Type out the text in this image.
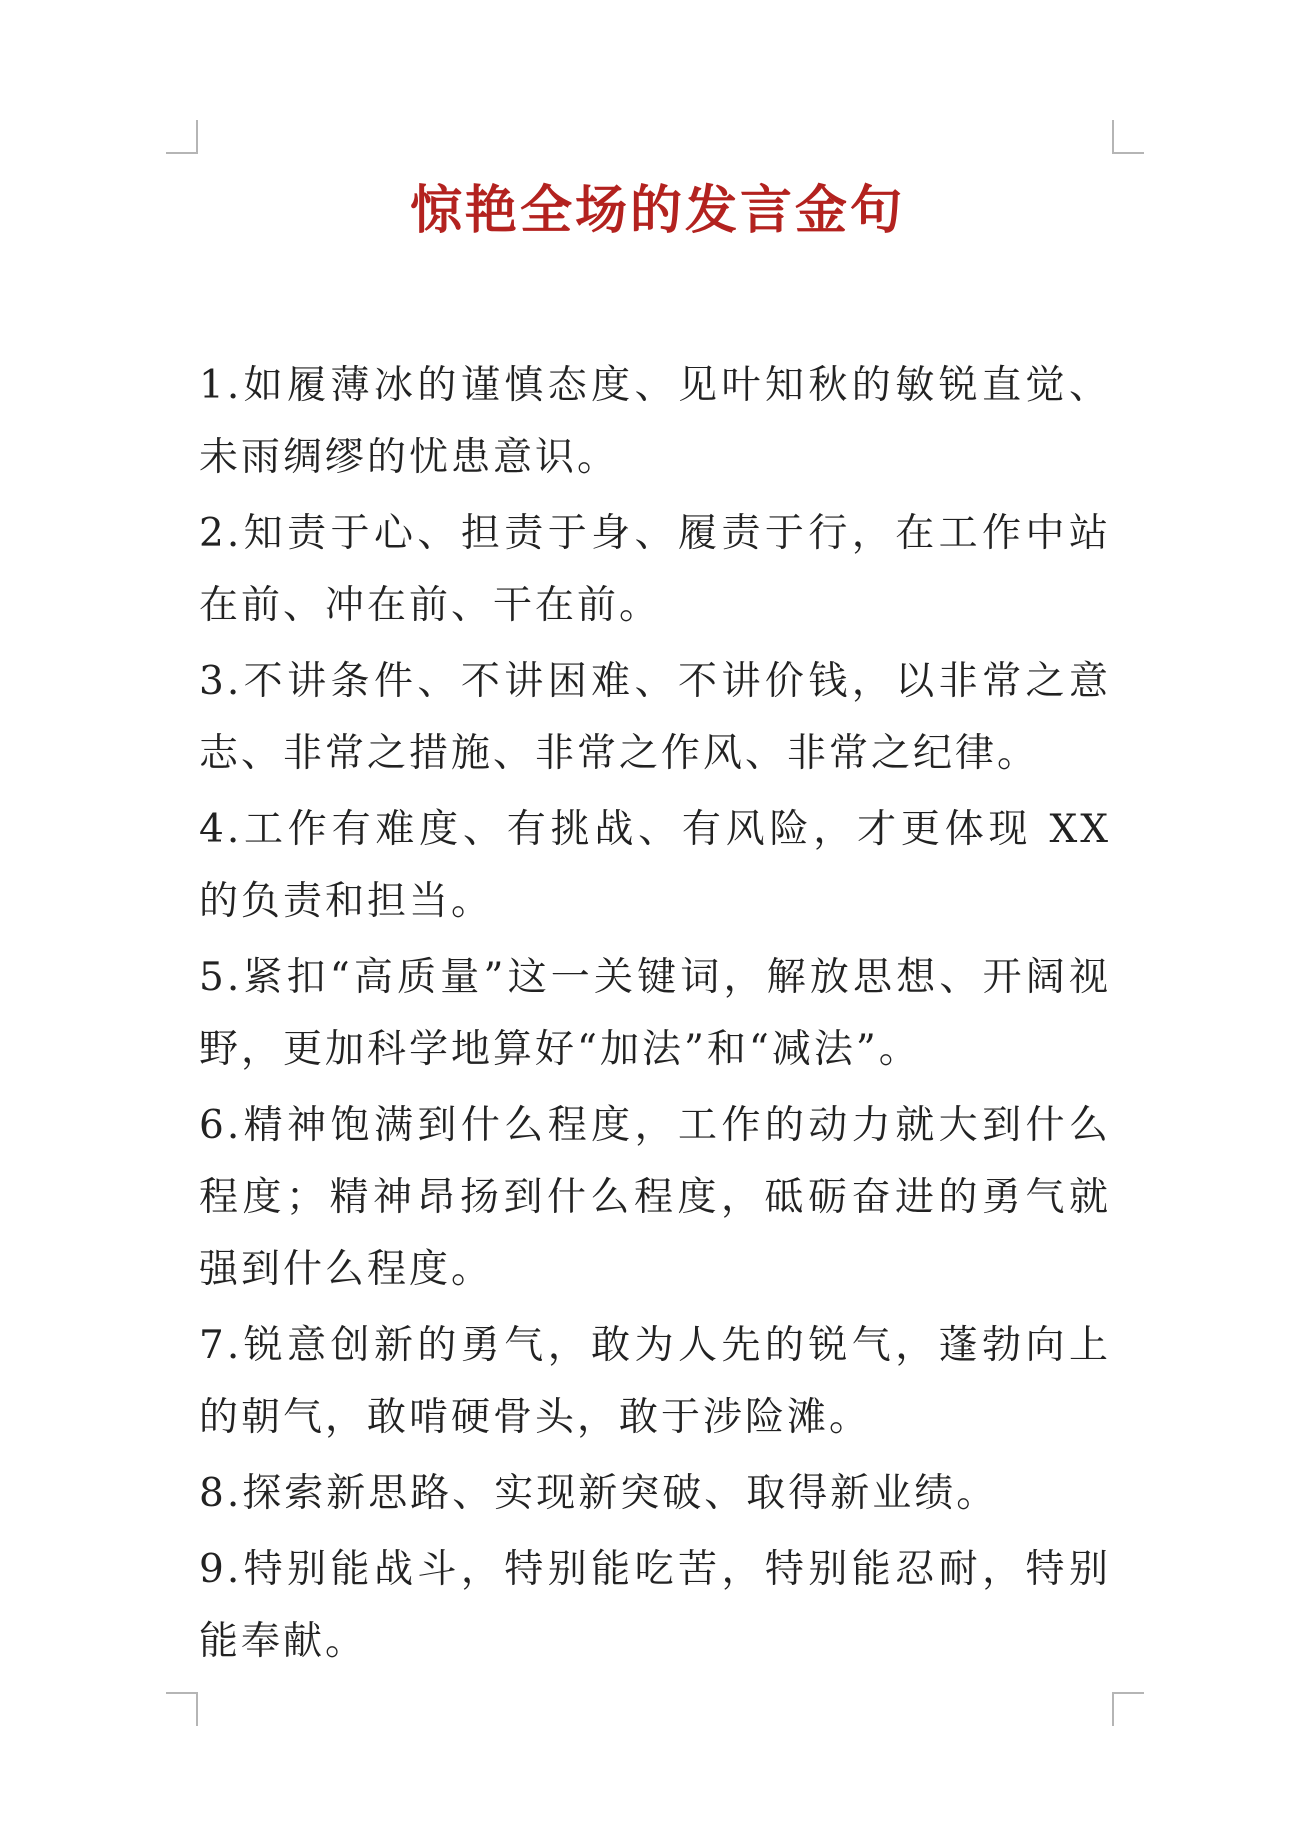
惊艳全场的发言金句

1.如履薄冰的谨慎态度、见叶知秋的敏锐直觉、未雨绸缪的忧患意识。

2.知责于心、担责于身、履责于行，在工作中站在前、冲在前、干在前。

3.不讲条件、不讲困难、不讲价钱，以非常之意志、非常之措施、非常之作风、非常之纪律。

4.工作有难度、有挑战、有风险，才更体现 XX 的负责和担当。

5.紧扣“高质量”这一关键词，解放思想、开阔视野，更加科学地算好“加法”和“减法”。

6.精神饱满到什么程度，工作的动力就大到什么程度；精神昂扬到什么程度，砥砺奋进的勇气就强到什么程度。

7.锐意创新的勇气，敢为人先的锐气，蓬勃向上的朝气，敢啃硬骨头，敢于涉险滩。

8.探索新思路、实现新突破、取得新业绩。

9.特别能战斗，特别能吃苦，特别能忍耐，特别能奉献。
